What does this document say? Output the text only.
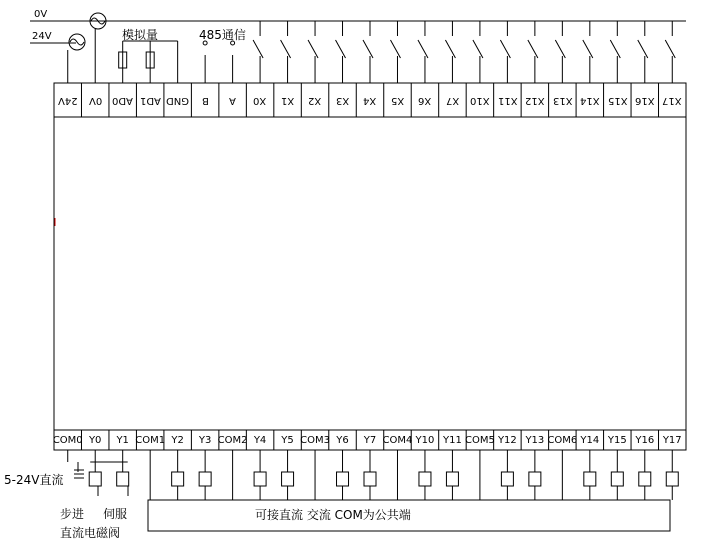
0V
24V	模拟量	485通信
24V 0V AD0 AD1 GND B A X0 X1 X2 X3 X4 X5 X6 X7 X10 X11 X12 X13 X14 X15 X16 X17
COM0 Y0	Y1 COM1 Y2	Y3 COM2 Y4	Y5 COM3 Y6	Y7 COM4 Y10 Y11 COM5 Y12 Y13 COM6 Y14 Y15 Y16 Y17
5-24V直流
步进 伺服
直流电磁阀
可接直流 交流 COM为公共端
